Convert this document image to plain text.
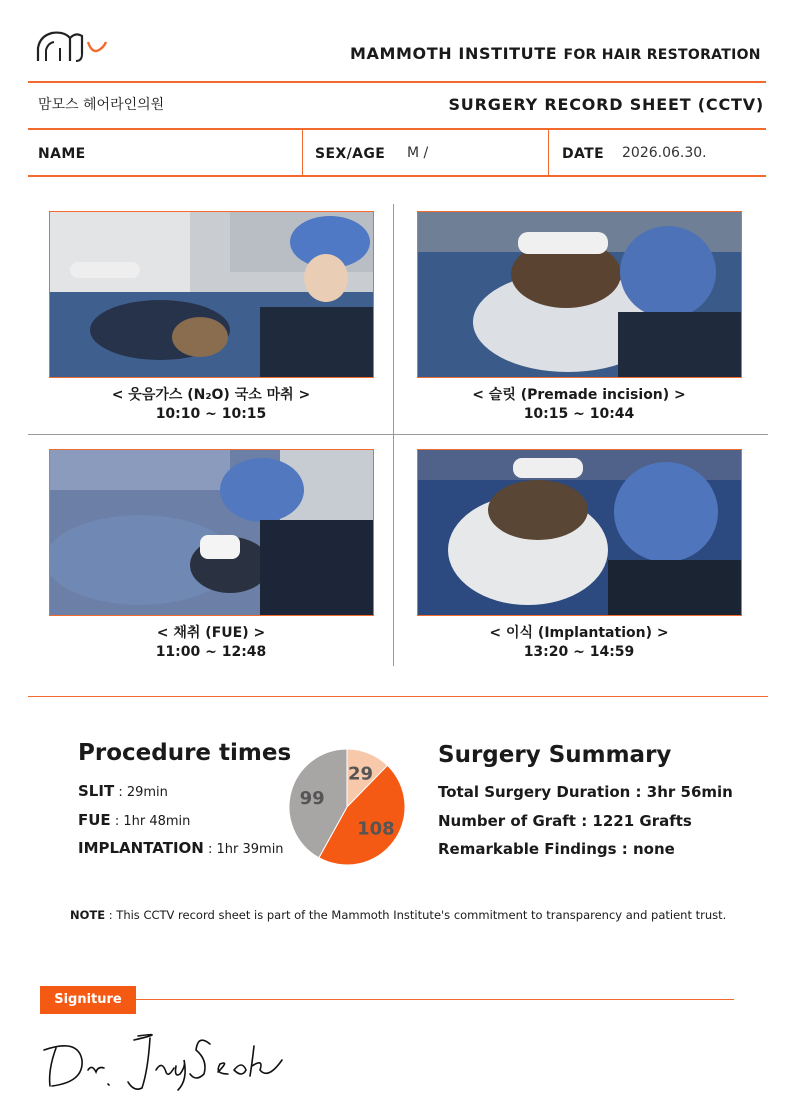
MAMMOTH INSTITUTE FOR HAIR RESTORATION
맘모스 헤어라인의원	SURGERY RECORD SHEET (CCTV)
NAME	SEX/AGE M /	DATE 2026.06.30.
< 웃음가스 (N₂O) 국소 마취 >
10:10 ~ 10:15
< 슬릿 (Premade incision) >
10:15 ~ 10:44
< 채취 (FUE) >
11:00 ~ 12:48
< 이식 (Implantation) >
13:20 ~ 14:59
Procedure times
SLIT : 29min
FUE : 1hr 48min
IMPLANTATION : 1hr 39min
29
108
99
Surgery Summary
Total Surgery Duration : 3hr 56min
Number of Graft : 1221 Grafts
Remarkable Findings : none
NOTE : This CCTV record sheet is part of the Mammoth Institute's commitment to transparency and patient trust.
Signiture
